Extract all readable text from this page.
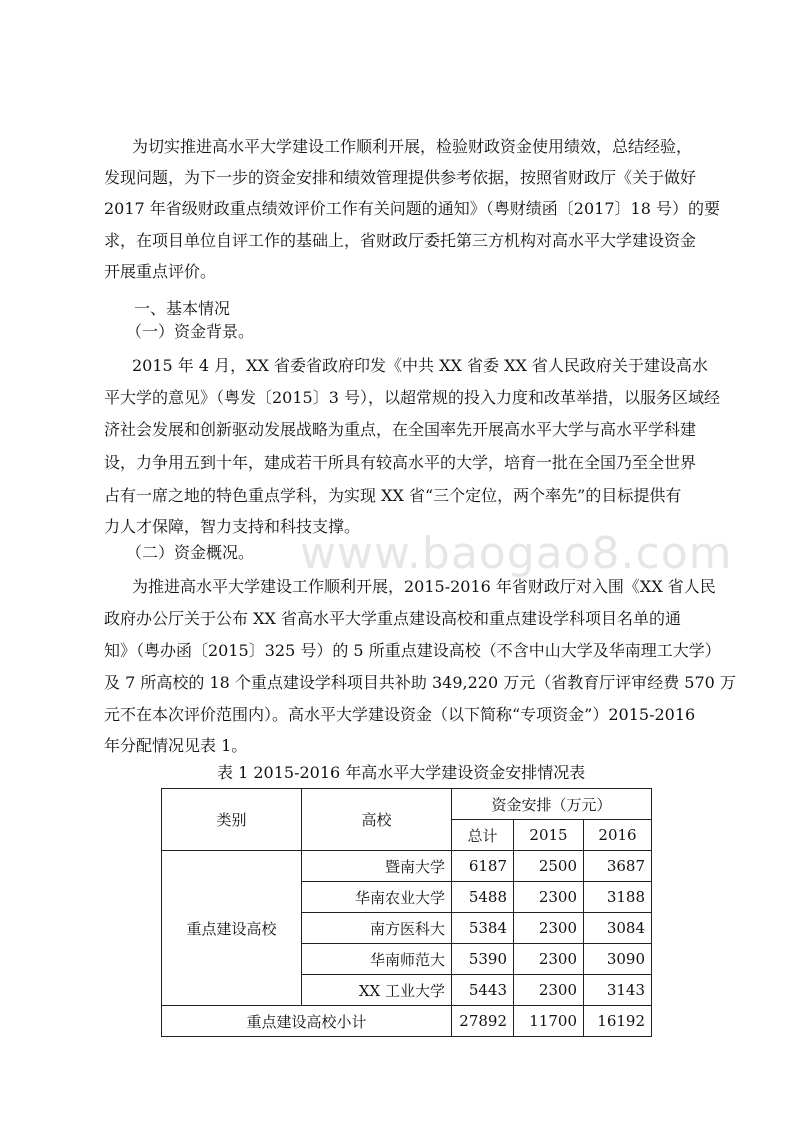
www.baogao8.com
为切实推进高水平大学建设工作顺利开展，检验财政资金使用绩效，总结经验，
发现问题，为下一步的资金安排和绩效管理提供参考依据，按照省财政厅《关于做好
2017 年省级财政重点绩效评价工作有关问题的通知》（粤财绩函〔2017〕18 号）的要
求，在项目单位自评工作的基础上，省财政厅委托第三方机构对高水平大学建设资金
开展重点评价。
一、基本情况
（一）资金背景。
2015 年 4 月，XX 省委省政府印发《中共 XX 省委 XX 省人民政府关于建设高水
平大学的意见》（粤发〔2015〕3 号），以超常规的投入力度和改革举措，以服务区域经
济社会发展和创新驱动发展战略为重点，在全国率先开展高水平大学与高水平学科建
设，力争用五到十年，建成若干所具有较高水平的大学，培育一批在全国乃至全世界
占有一席之地的特色重点学科，为实现 XX 省“三个定位，两个率先”的目标提供有
力人才保障，智力支持和科技支撑。
（二）资金概况。
为推进高水平大学建设工作顺利开展，2015-2016 年省财政厅对入围《XX 省人民
政府办公厅关于公布 XX 省高水平大学重点建设高校和重点建设学科项目名单的通
知》（粤办函〔2015〕325 号）的 5 所重点建设高校（不含中山大学及华南理工大学）
及 7 所高校的 18 个重点建设学科项目共补助 349,220 万元（省教育厅评审经费 570 万
元不在本次评价范围内）。高水平大学建设资金（以下简称“专项资金”）2015-2016
年分配情况见表 1。
表 1 2015-2016 年高水平大学建设资金安排情况表
类别	高校	资金安排（万元）		
		总计	2015	2016
重点建设高校	暨南大学	6187	2500	3687
	华南农业大学	5488	2300	3188
	南方医科大	5384	2300	3084
	华南师范大	5390	2300	3090
	XX 工业大学	5443	2300	3143
重点建设高校小计		27892	11700	16192
